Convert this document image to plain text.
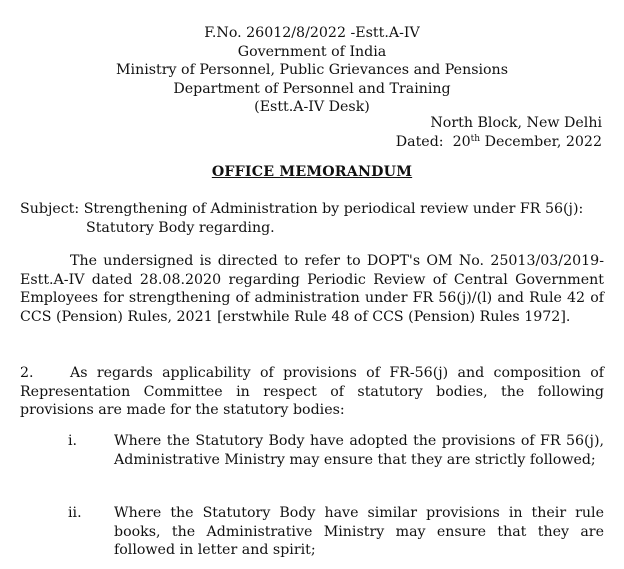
F.No. 26012/8/2022 -Estt.A-IV
Government of India
Ministry of Personnel, Public Grievances and Pensions
Department of Personnel and Training
(Estt.A-IV Desk)
North Block, New Delhi
Dated: 20th December, 2022
OFFICE MEMORANDUM
Subject: Strengthening of Administration by periodical review under FR 56(j):
Statutory Body regarding.
The undersigned is directed to refer to DOPT's OM No. 25013/03/2019-Estt.A-IV dated 28.08.2020 regarding Periodic Review of Central Government Employees for strengthening of administration under FR 56(j)/(l) and Rule 42 of CCS (Pension) Rules, 2021 [erstwhile Rule 48 of CCS (Pension) Rules 1972].
2.	As regards applicability of provisions of FR-56(j) and composition of Representation Committee in respect of statutory bodies, the following provisions are made for the statutory bodies:
i.	Where the Statutory Body have adopted the provisions of FR 56(j), Administrative Ministry may ensure that they are strictly followed;
ii. Where the Statutory Body have similar provisions in their rule books, the Administrative Ministry may ensure that they are followed in letter and spirit;
